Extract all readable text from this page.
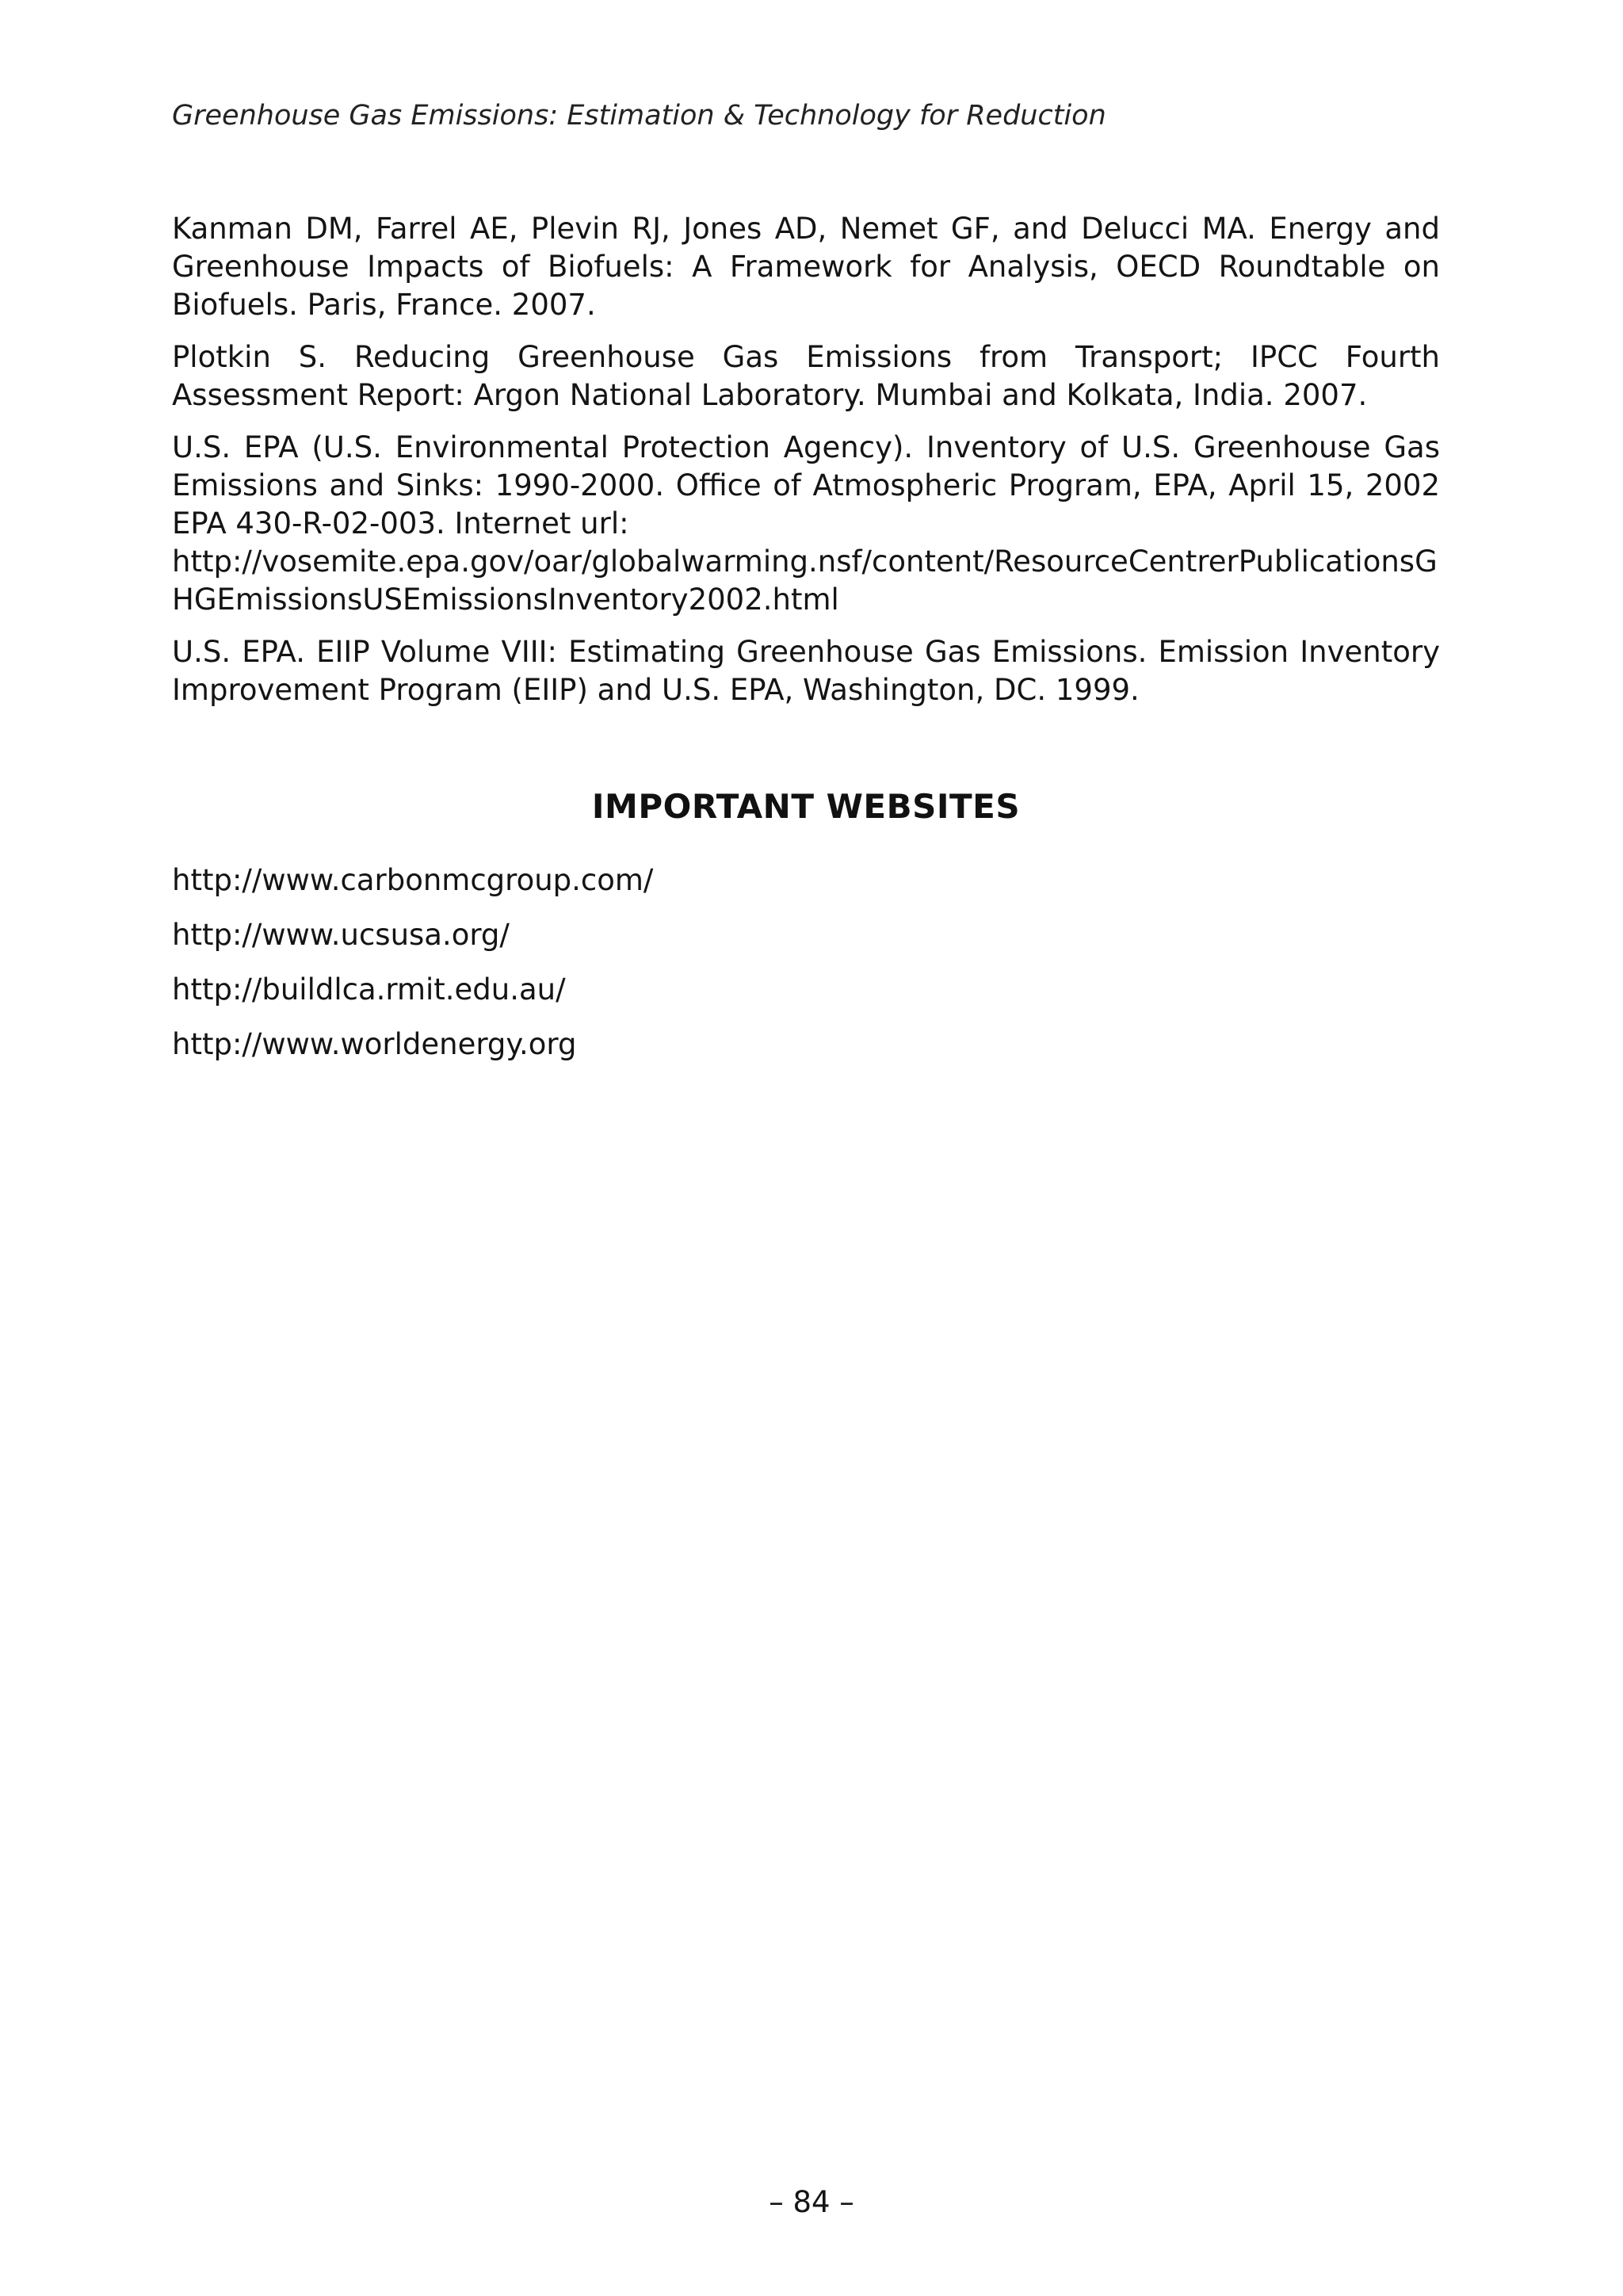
Greenhouse Gas Emissions: Estimation & Technology for Reduction

Kanman DM, Farrel AE, Plevin RJ, Jones AD, Nemet GF, and Delucci MA. Energy and Greenhouse Impacts of Biofuels: A Framework for Analysis, OECD Roundtable on Biofuels. Paris, France. 2007.

Plotkin S. Reducing Greenhouse Gas Emissions from Transport; IPCC Fourth Assessment Report: Argon National Laboratory. Mumbai and Kolkata, India. 2007.

U.S. EPA (U.S. Environmental Protection Agency). Inventory of U.S. Greenhouse Gas Emissions and Sinks: 1990-2000. Office of Atmospheric Program, EPA, April 15, 2002 EPA 430-R-02-003. Internet url:
http://vosemite.epa.gov/oar/globalwarming.nsf/content/ResourceCentrerPublicationsGHGEmissionsUSEmissionsInventory2002.html

U.S. EPA. EIIP Volume VIII: Estimating Greenhouse Gas Emissions. Emission Inventory Improvement Program (EIIP) and U.S. EPA, Washington, DC. 1999.

IMPORTANT WEBSITES
http://www.carbonmcgroup.com/
http://www.ucsusa.org/
http://buildlca.rmit.edu.au/
http://www.worldenergy.org
– 84 –
